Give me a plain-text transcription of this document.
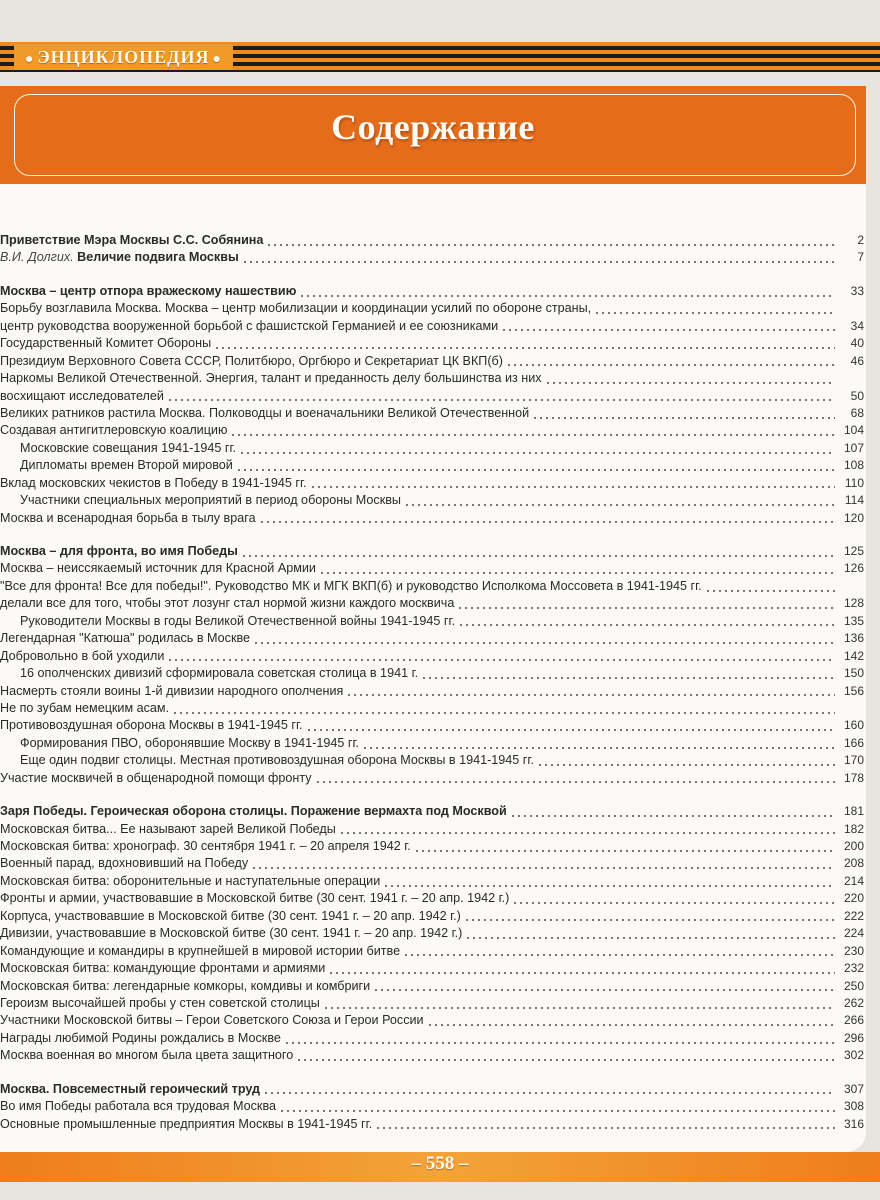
● ЭНЦИКЛОПЕДИЯ ●
Содержание
Приветствие Мэра Москвы С.С. Собянина	2
В.И. Долгих. Величие подвига Москвы	7
Москва – центр отпора вражескому нашествию	33
Борьбу возглавила Москва. Москва – центр мобилизации и координации усилий по обороне страны,
центр руководства вооруженной борьбой с фашистской Германией и ее союзниками	34
Государственный Комитет Обороны	40
Президиум Верховного Совета СССР, Политбюро, Оргбюро и Секретариат ЦК ВКП(б)	46
Наркомы Великой Отечественной. Энергия, талант и преданность делу большинства из них
восхищают исследователей	50
Великих ратников растила Москва. Полководцы и военачальники Великой Отечественной	68
Создавая антигитлеровскую коалицию	104
Московские совещания 1941-1945 гг.	107
Дипломаты времен Второй мировой	108
Вклад московских чекистов в Победу в 1941-1945 гг.	110
Участники специальных мероприятий в период обороны Москвы	114
Москва и всенародная борьба в тылу врага	120
Москва – для фронта, во имя Победы	125
Москва – неиссякаемый источник для Красной Армии	126
"Все для фронта! Все для победы!". Руководство МК и МГК ВКП(б) и руководство Исполкома Моссовета в 1941-1945 гг.
делали все для того, чтобы этот лозунг стал нормой жизни каждого москвича	128
Руководители Москвы в годы Великой Отечественной войны 1941-1945 гг.	135
Легендарная "Катюша" родилась в Москве	136
Добровольно в бой уходили	142
16 ополченских дивизий сформировала советская столица в 1941 г.	150
Насмерть стояли воины 1-й дивизии народного ополчения	156
Не по зубам немецким асам.
Противовоздушная оборона Москвы в 1941-1945 гг.	160
Формирования ПВО, оборонявшие Москву в 1941-1945 гг.	166
Еще один подвиг столицы. Местная противовоздушная оборона Москвы в 1941-1945 гг.	170
Участие москвичей в общенародной помощи фронту	178
Заря Победы. Героическая оборона столицы. Поражение вермахта под Москвой	181
Московская битва... Ее называют зарей Великой Победы	182
Московская битва: хронограф. 30 сентября 1941 г. – 20 апреля 1942 г.	200
Военный парад, вдохновивший на Победу	208
Московская битва: оборонительные и наступательные операции	214
Фронты и армии, участвовавшие в Московской битве (30 сент. 1941 г. – 20 апр. 1942 г.)	220
Корпуса, участвовавшие в Московской битве (30 сент. 1941 г. – 20 апр. 1942 г.)	222
Дивизии, участвовавшие в Московской битве (30 сент. 1941 г. – 20 апр. 1942 г.)	224
Командующие и командиры в крупнейшей в мировой истории битве	230
Московская битва: командующие фронтами и армиями	232
Московская битва: легендарные комкоры, комдивы и комбриги	250
Героизм высочайшей пробы у стен советской столицы	262
Участники Московской битвы – Герои Советского Союза и Герои России	266
Награды любимой Родины рождались в Москве	296
Москва военная во многом была цвета защитного	302
Москва. Повсеместный героический труд	307
Во имя Победы работала вся трудовая Москва	308
Основные промышленные предприятия Москвы в 1941-1945 гг.	316
– 558 –
